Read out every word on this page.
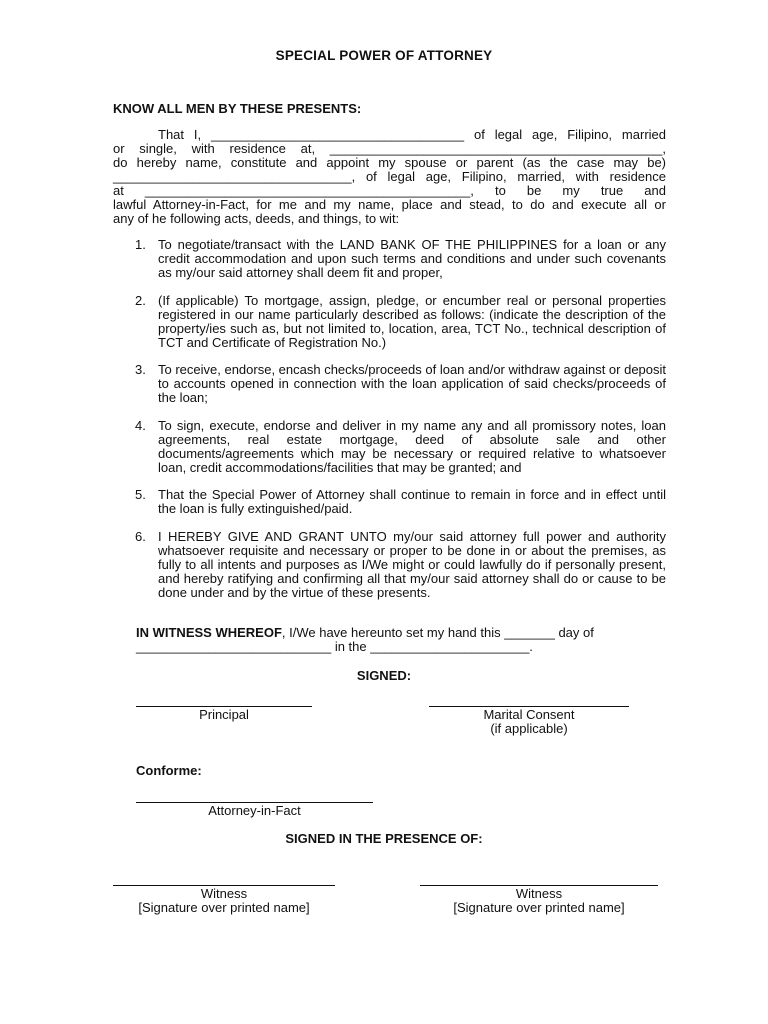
SPECIAL POWER OF ATTORNEY
KNOW ALL MEN BY THESE PRESENTS:
That I, ___________________________________ of legal age, Filipino, married
or single, with residence at, ______________________________________________,
do hereby name, constitute and appoint my spouse or parent (as the case may be)
_________________________________, of legal age, Filipino, married, with residence
at _____________________________________________, to be my true and
lawful Attorney-in-Fact, for me and my name, place and stead, to do and execute all or
any of he following acts, deeds, and things, to wit:
1. To negotiate/transact with the LAND BANK OF THE PHILIPPINES for a loan or any credit accommodation and upon such terms and conditions and under such covenants as my/our said attorney shall deem fit and proper,
2. (If applicable) To mortgage, assign, pledge, or encumber real or personal properties registered in our name particularly described as follows: (indicate the description of the property/ies such as, but not limited to, location, area, TCT No., technical description of TCT and Certificate of Registration No.)
3. To receive, endorse, encash checks/proceeds of loan and/or withdraw against or deposit to accounts opened in connection with the loan application of said checks/proceeds of the loan;
4. To sign, execute, endorse and deliver in my name any and all promissory notes, loan agreements, real estate mortgage, deed of absolute sale and other documents/agreements which may be necessary or required relative to whatsoever loan, credit accommodations/facilities that may be granted; and
5. That the Special Power of Attorney shall continue to remain in force and in effect until the loan is fully extinguished/paid.
6. I HEREBY GIVE AND GRANT UNTO my/our said attorney full power and authority whatsoever requisite and necessary or proper to be done in or about the premises, as fully to all intents and purposes as I/We might or could lawfully do if personally present, and hereby ratifying and confirming all that my/our said attorney shall do or cause to be done under and by the virtue of these presents.
IN WITNESS WHEREOF, I/We have hereunto set my hand this _______ day of
___________________________ in the ______________________.
SIGNED:
Principal	Marital Consent
(if applicable)
Conforme:
Attorney-in-Fact
SIGNED IN THE PRESENCE OF:
Witness
[Signature over printed name]
Witness
[Signature over printed name]
